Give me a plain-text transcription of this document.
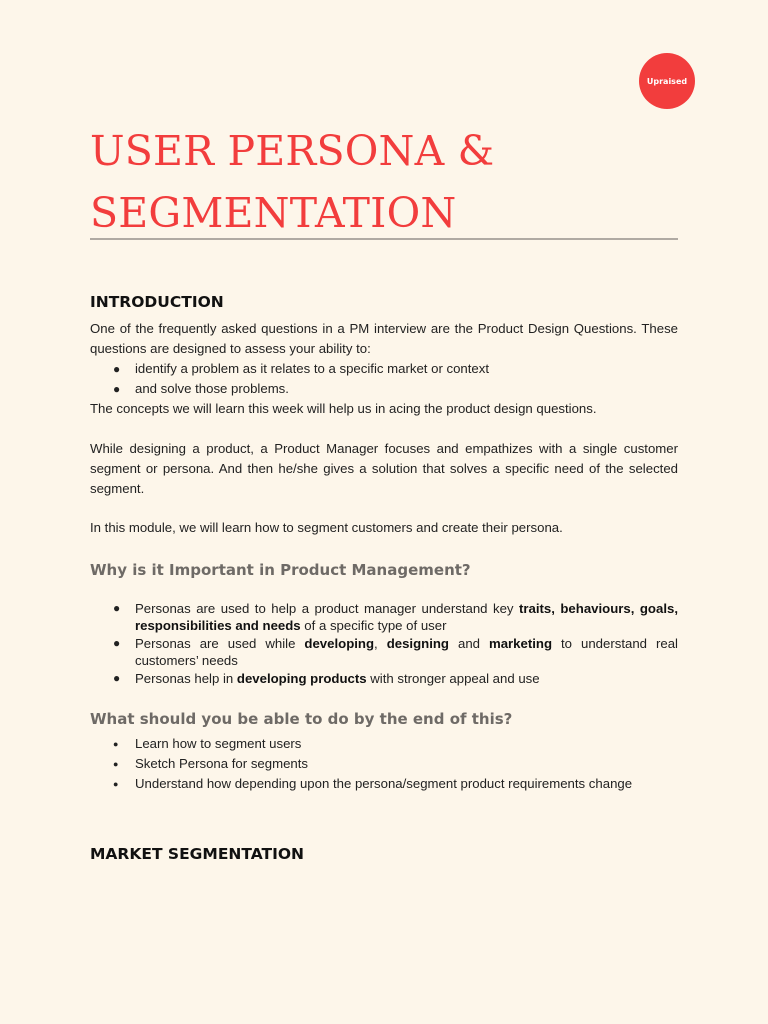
Upraised
USER PERSONA &
SEGMENTATION
INTRODUCTION

One of the frequently asked questions in a PM interview are the Product Design Questions. These questions are designed to assess your ability to:

● identify a problem as it relates to a specific market or context
● and solve those problems.

The concepts we will learn this week will help us in acing the product design questions.

While designing a product, a Product Manager focuses and empathizes with a single customer segment or persona. And then he/she gives a solution that solves a specific need of the selected segment.

In this module, we will learn how to segment customers and create their persona.

Why is it Important in Product Management?
● Personas are used to help a product manager understand key traits, behaviours, goals, responsibilities and needs of a specific type of user
● Personas are used while developing, designing and marketing to understand real customers’ needs
● Personas help in developing products with stronger appeal and use
What should you be able to do by the end of this?
● Learn how to segment users
● Sketch Persona for segments
● Understand how depending upon the persona/segment product requirements change
MARKET SEGMENTATION
